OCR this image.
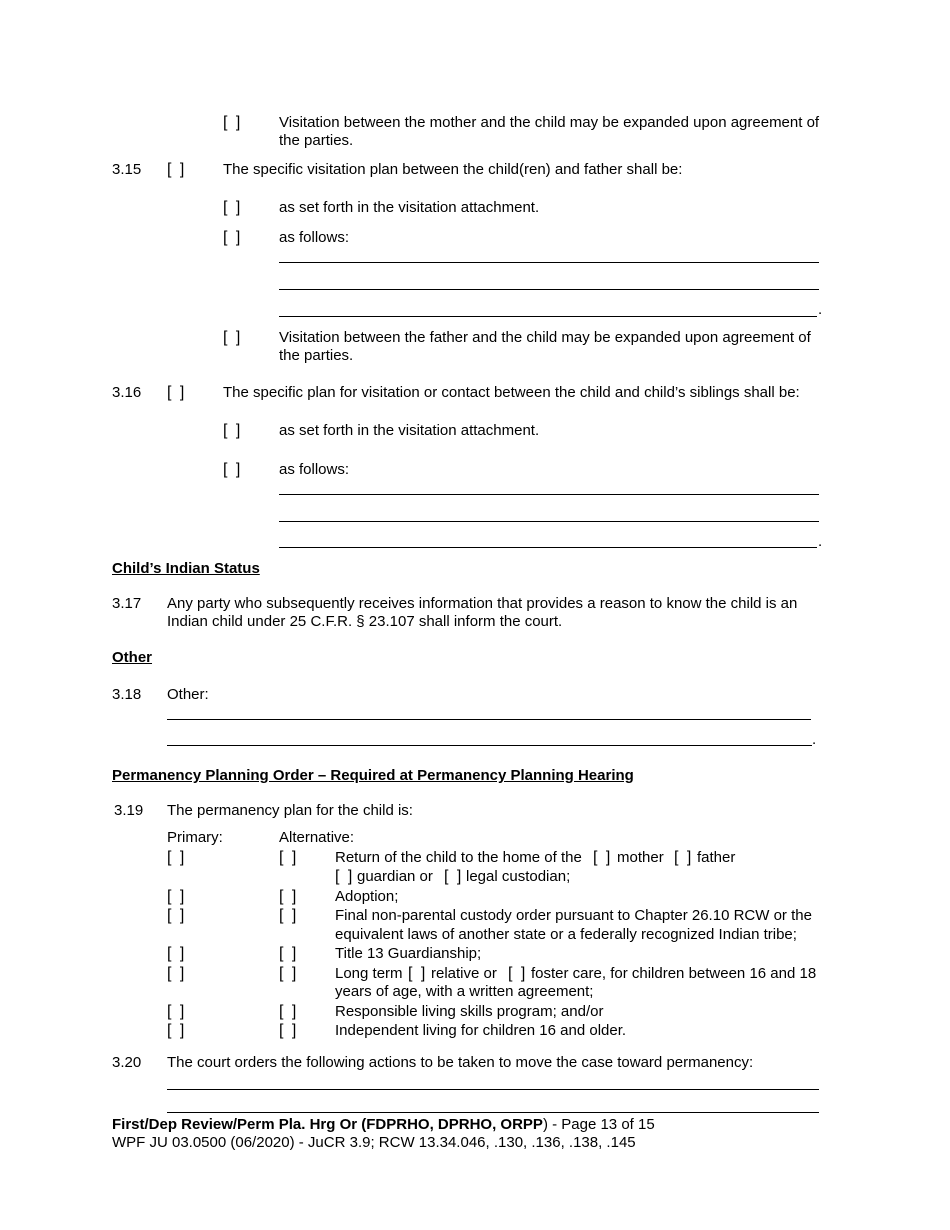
[ ] Visitation between the mother and the child may be expanded upon agreement of
the parties.
3.15 [ ] The specific visitation plan between the child(ren) and father shall be:
[ ] as set forth in the visitation attachment.
[ ] as follows:
.
[ ] Visitation between the father and the child may be expanded upon agreement of
the parties.
3.16 [ ] The specific plan for visitation or contact between the child and child’s siblings shall be:
[ ] as set forth in the visitation attachment.
[ ] as follows:
.
Child’s Indian Status
3.17 Any party who subsequently receives information that provides a reason to know the child is an
Indian child under 25 C.F.R. § 23.107 shall inform the court.
Other
3.18 Other:
.
Permanency Planning Order – Required at Permanency Planning Hearing
3.19 The permanency plan for the child is:
Primary:	Alternative:
[ ]	[ ] Return of the child to the home of the [ ] mother [ ] father
[ ] guardian or [ ] legal custodian;
[ ]	[ ] Adoption;
[ ]	[ ] Final non-parental custody order pursuant to Chapter 26.10 RCW or the
equivalent laws of another state or a federally recognized Indian tribe;
[ ]	[ ] Title 13 Guardianship;
[ ]	[ ] Long term [ ] relative or [ ] foster care, for children between 16 and 18
years of age, with a written agreement;
[ ]	[ ] Responsible living skills program; and/or
[ ]	[ ] Independent living for children 16 and older.
3.20 The court orders the following actions to be taken to move the case toward permanency:
First/Dep Review/Perm Pla. Hrg Or (FDPRHO, DPRHO, ORPP) - Page 13 of 15
WPF JU 03.0500 (06/2020) - JuCR 3.9; RCW 13.34.046, .130, .136, .138, .145
